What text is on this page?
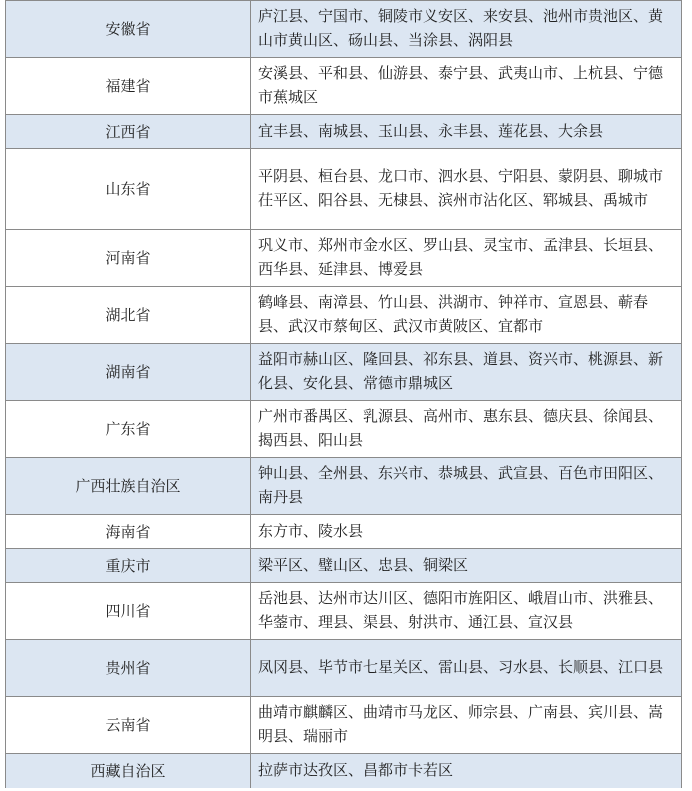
安徽省	庐江县、宁国市、铜陵市义安区、来安县、池州市贵池区、黄山市黄山区、砀山县、当涂县、涡阳县
福建省	安溪县、平和县、仙游县、泰宁县、武夷山市、上杭县、宁德市蕉城区
江西省	宜丰县、南城县、玉山县、永丰县、莲花县、大余县
山东省	平阴县、桓台县、龙口市、泗水县、宁阳县、蒙阴县、聊城市茌平区、阳谷县、无棣县、滨州市沾化区、郓城县、禹城市
河南省	巩义市、郑州市金水区、罗山县、灵宝市、孟津县、长垣县、西华县、延津县、博爱县
湖北省	鹤峰县、南漳县、竹山县、洪湖市、钟祥市、宣恩县、蕲春县、武汉市蔡甸区、武汉市黄陂区、宜都市
湖南省	益阳市赫山区、隆回县、祁东县、道县、资兴市、桃源县、新化县、安化县、常德市鼎城区
广东省	广州市番禺区、乳源县、高州市、惠东县、德庆县、徐闻县、揭西县、阳山县
广西壮族自治区	钟山县、全州县、东兴市、恭城县、武宣县、百色市田阳区、南丹县
海南省	东方市、陵水县
重庆市	梁平区、璧山区、忠县、铜梁区
四川省	岳池县、达州市达川区、德阳市旌阳区、峨眉山市、洪雅县、华蓥市、理县、渠县、射洪市、通江县、宣汉县
贵州省	凤冈县、毕节市七星关区、雷山县、习水县、长顺县、江口县
云南省	曲靖市麒麟区、曲靖市马龙区、师宗县、广南县、宾川县、嵩明县、瑞丽市
西藏自治区	拉萨市达孜区、昌都市卡若区
